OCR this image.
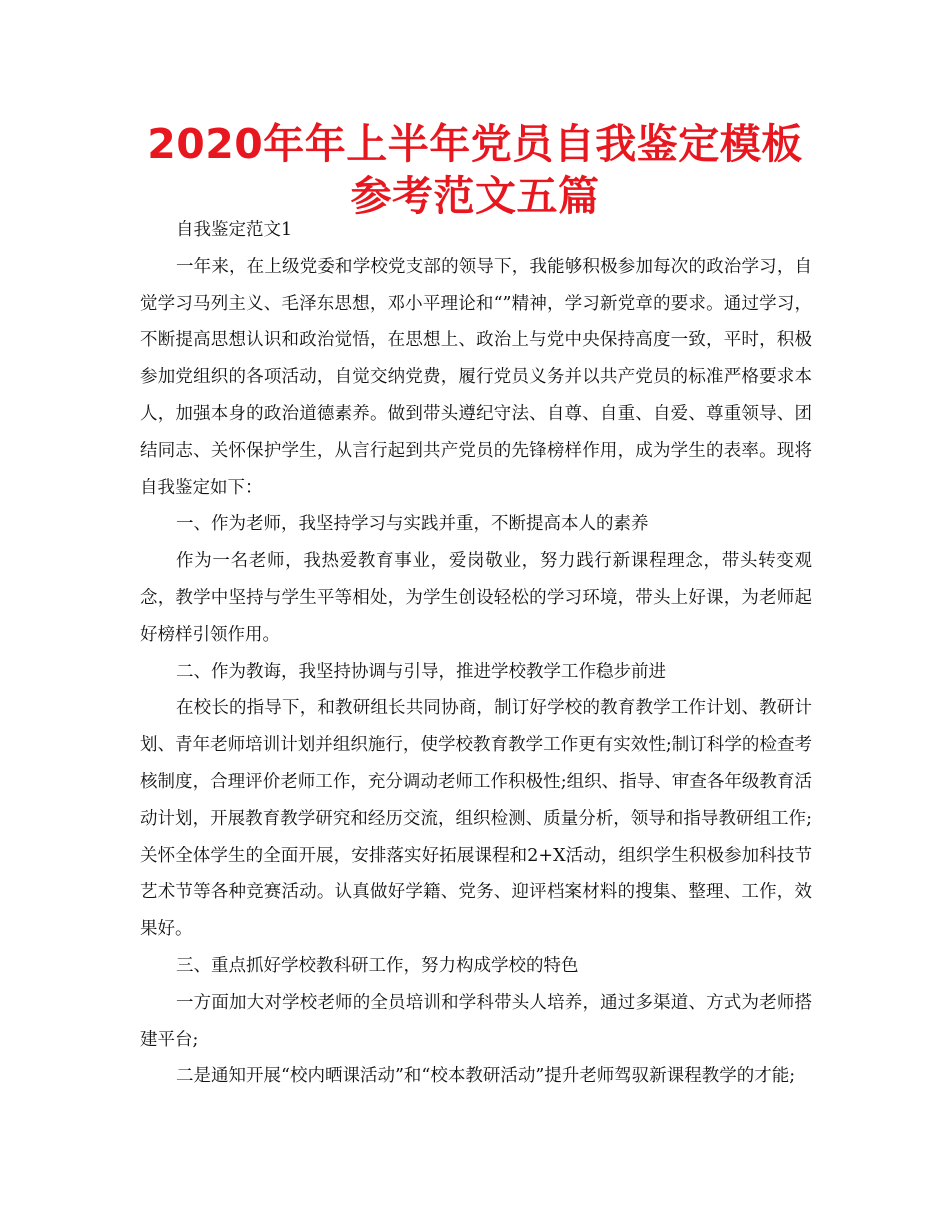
2020年年上半年党员自我鉴定模板参考范文五篇

自我鉴定范文1

一年来，在上级党委和学校党支部的领导下，我能够积极参加每次的政治学习，自觉学习马列主义、毛泽东思想，邓小平理论和“”精神，学习新党章的要求。通过学习，不断提高思想认识和政治觉悟，在思想上、政治上与党中央保持高度一致，平时，积极参加党组织的各项活动，自觉交纳党费，履行党员义务并以共产党员的标准严格要求本人，加强本身的政治道德素养。做到带头遵纪守法、自尊、自重、自爱、尊重领导、团结同志、关怀保护学生，从言行起到共产党员的先锋榜样作用，成为学生的表率。现将自我鉴定如下：

一、作为老师，我坚持学习与实践并重，不断提高本人的素养

作为一名老师，我热爱教育事业，爱岗敬业，努力践行新课程理念，带头转变观念，教学中坚持与学生平等相处，为学生创设轻松的学习环境，带头上好课，为老师起好榜样引领作用。

二、作为教诲，我坚持协调与引导，推进学校教学工作稳步前进

在校长的指导下，和教研组长共同协商，制订好学校的教育教学工作计划、教研计划、青年老师培训计划并组织施行，使学校教育教学工作更有实效性;制订科学的检查考核制度，合理评价老师工作，充分调动老师工作积极性;组织、指导、审查各年级教育活动计划，开展教育教学研究和经历交流，组织检测、质量分析，领导和指导教研组工作;关怀全体学生的全面开展，安排落实好拓展课程和2+X活动，组织学生积极参加科技节艺术节等各种竞赛活动。认真做好学籍、党务、迎评档案材料的搜集、整理、工作，效果好。

三、重点抓好学校教科研工作，努力构成学校的特色

一方面加大对学校老师的全员培训和学科带头人培养，通过多渠道、方式为老师搭建平台;

二是通知开展“校内晒课活动”和“校本教研活动”提升老师驾驭新课程教学的才能;
